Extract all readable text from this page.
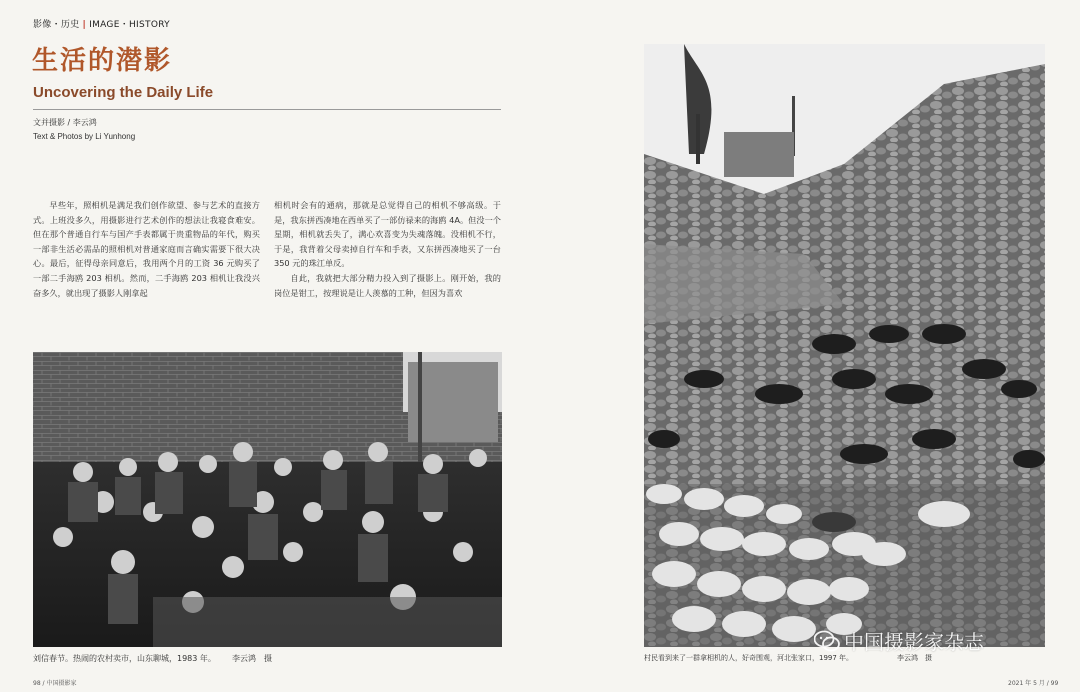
影像・历史 | IMAGE・HISTORY
生活的潜影
Uncovering the Daily Life
文并摄影 / 李云鸿
Text & Photos by Li Yunhong

早些年，照相机是满足我们创作欲望、参与艺术的直接方式。上班没多久，用摄影进行艺术创作的想法让我寝食难安。但在那个普通自行车与国产手表都属于贵重物品的年代，购买一部非生活必需品的照相机对普通家庭而言确实需要下很大决心。最后，征得母亲同意后，我用两个月的工资 36 元购买了一部二手海鸥 203 相机。然而，二手海鸥 203 相机让我没兴奋多久，就出现了摄影人刚拿起

相机时会有的通病，那就是总觉得自己的相机不够高级。于是，我东拼西凑地在西单买了一部仿禄来的海鸥 4A。但没一个星期，相机就丢失了，满心欢喜变为失魂落魄。没相机不行，于是，我背着父母卖掉自行车和手表，又东拼西凑地买了一台 350 元的珠江单反。

自此，我就把大部分精力投入到了摄影上。刚开始，我的岗位是钳工，按理说是让人羡慕的工种，但因为喜欢

中国摄影家杂志
刘信春节。热闹的农村卖市，山东聊城，1983 年。 李云鸿　摄	村民看到来了一群拿相机的人，好奇围观，河北张家口，1997 年。	李云鸿　摄
98 / 中国摄影家	2021 年 5 月 / 99
